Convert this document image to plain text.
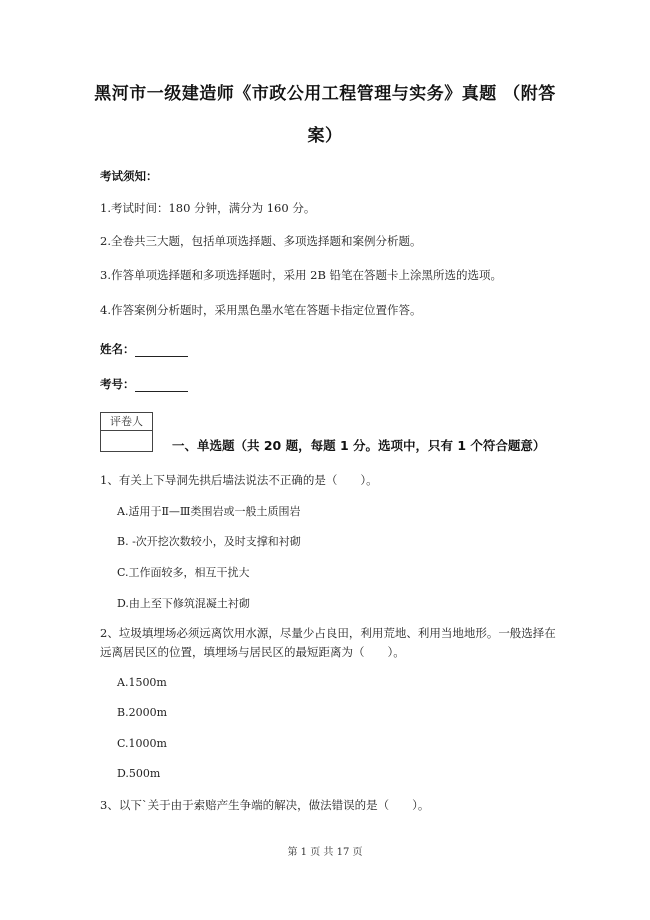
黑河市一级建造师《市政公用工程管理与实务》真题 （附答
案）
考试须知：
1.考试时间：180 分钟，满分为 160 分。
2.全卷共三大题，包括单项选择题、多项选择题和案例分析题。
3.作答单项选择题和多项选择题时，采用 2B 铅笔在答题卡上涂黑所选的选项。
4.作答案例分析题时，采用黑色墨水笔在答题卡指定位置作答。
姓名：
考号：
评卷人
一、单选题（共 20 题，每题 1 分。选项中，只有 1 个符合题意）
1、有关上下导洞先拱后墙法说法不正确的是（　　）。
A.适用于Ⅱ—Ⅲ类围岩或一般土质围岩
B. -次开挖次数较小，及时支撑和衬砌
C.工作面较多，相互干扰大
D.由上至下修筑混凝土衬砌
2、垃圾填埋场必须远离饮用水源，尽量少占良田，利用荒地、利用当地地形。一般选择在
远离居民区的位置，填埋场与居民区的最短距离为（　　）。
A.1500m
B.2000m
C.1000m
D.500m
3、以下`关于由于索赔产生争端的解决，做法错误的是（　　）。
第 1 页 共 17 页
